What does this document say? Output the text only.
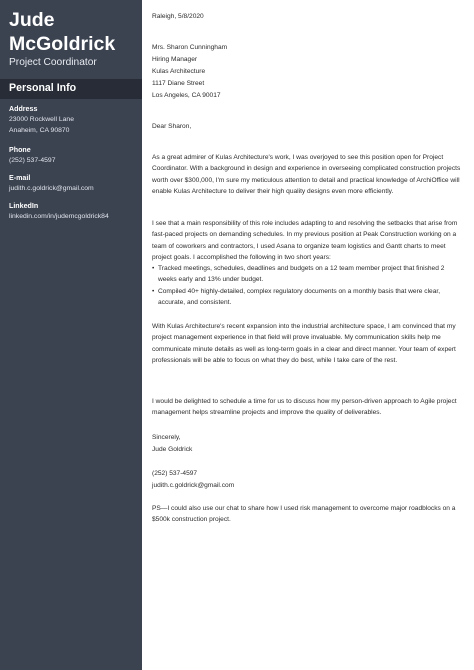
Jude McGoldrick
Project Coordinator
Personal Info
Address
23000 Rockwell Lane
Anaheim, CA 90870
Phone
(252) 537-4597
E-mail
judith.c.goldrick@gmail.com
LinkedIn
linkedin.com/in/judemcgoldrick84
Raleigh, 5/8/2020
Mrs. Sharon Cunningham
Hiring Manager
Kulas Architecture
1117 Diane Street
Los Angeles, CA 90017
Dear Sharon,
As a great admirer of Kulas Architecture's work, I was overjoyed to see this position open for Project Coordinator. With a background in design and experience in overseeing complicated construction projects worth over $300,000, I'm sure my meticulous attention to detail and practical knowledge of ArchiOffice will enable Kulas Architecture to deliver their high quality designs even more efficiently.
I see that a main responsibility of this role includes adapting to and resolving the setbacks that arise from fast-paced projects on demanding schedules. In my previous position at Peak Construction working on a team of coworkers and contractors, I used Asana to organize team logistics and Gantt charts to meet project goals. I accomplished the following in two short years:
• Tracked meetings, schedules, deadlines and budgets on a 12 team member project that finished 2 weeks early and 13% under budget.
• Compiled 40+ highly-detailed, complex regulatory documents on a monthly basis that were clear, accurate, and consistent.
With Kulas Architecture's recent expansion into the industrial architecture space, I am convinced that my project management experience in that field will prove invaluable. My communication skills help me communicate minute details as well as long-term goals in a clear and direct manner. Your team of expert professionals will be able to focus on what they do best, while I take care of the rest.
I would be delighted to schedule a time for us to discuss how my person-driven approach to Agile project management helps streamline projects and improve the quality of deliverables.
Sincerely,
Jude Goldrick
(252) 537-4597
judith.c.goldrick@gmail.com
PS—I could also use our chat to share how I used risk management to overcome major roadblocks on a $500k construction project.
